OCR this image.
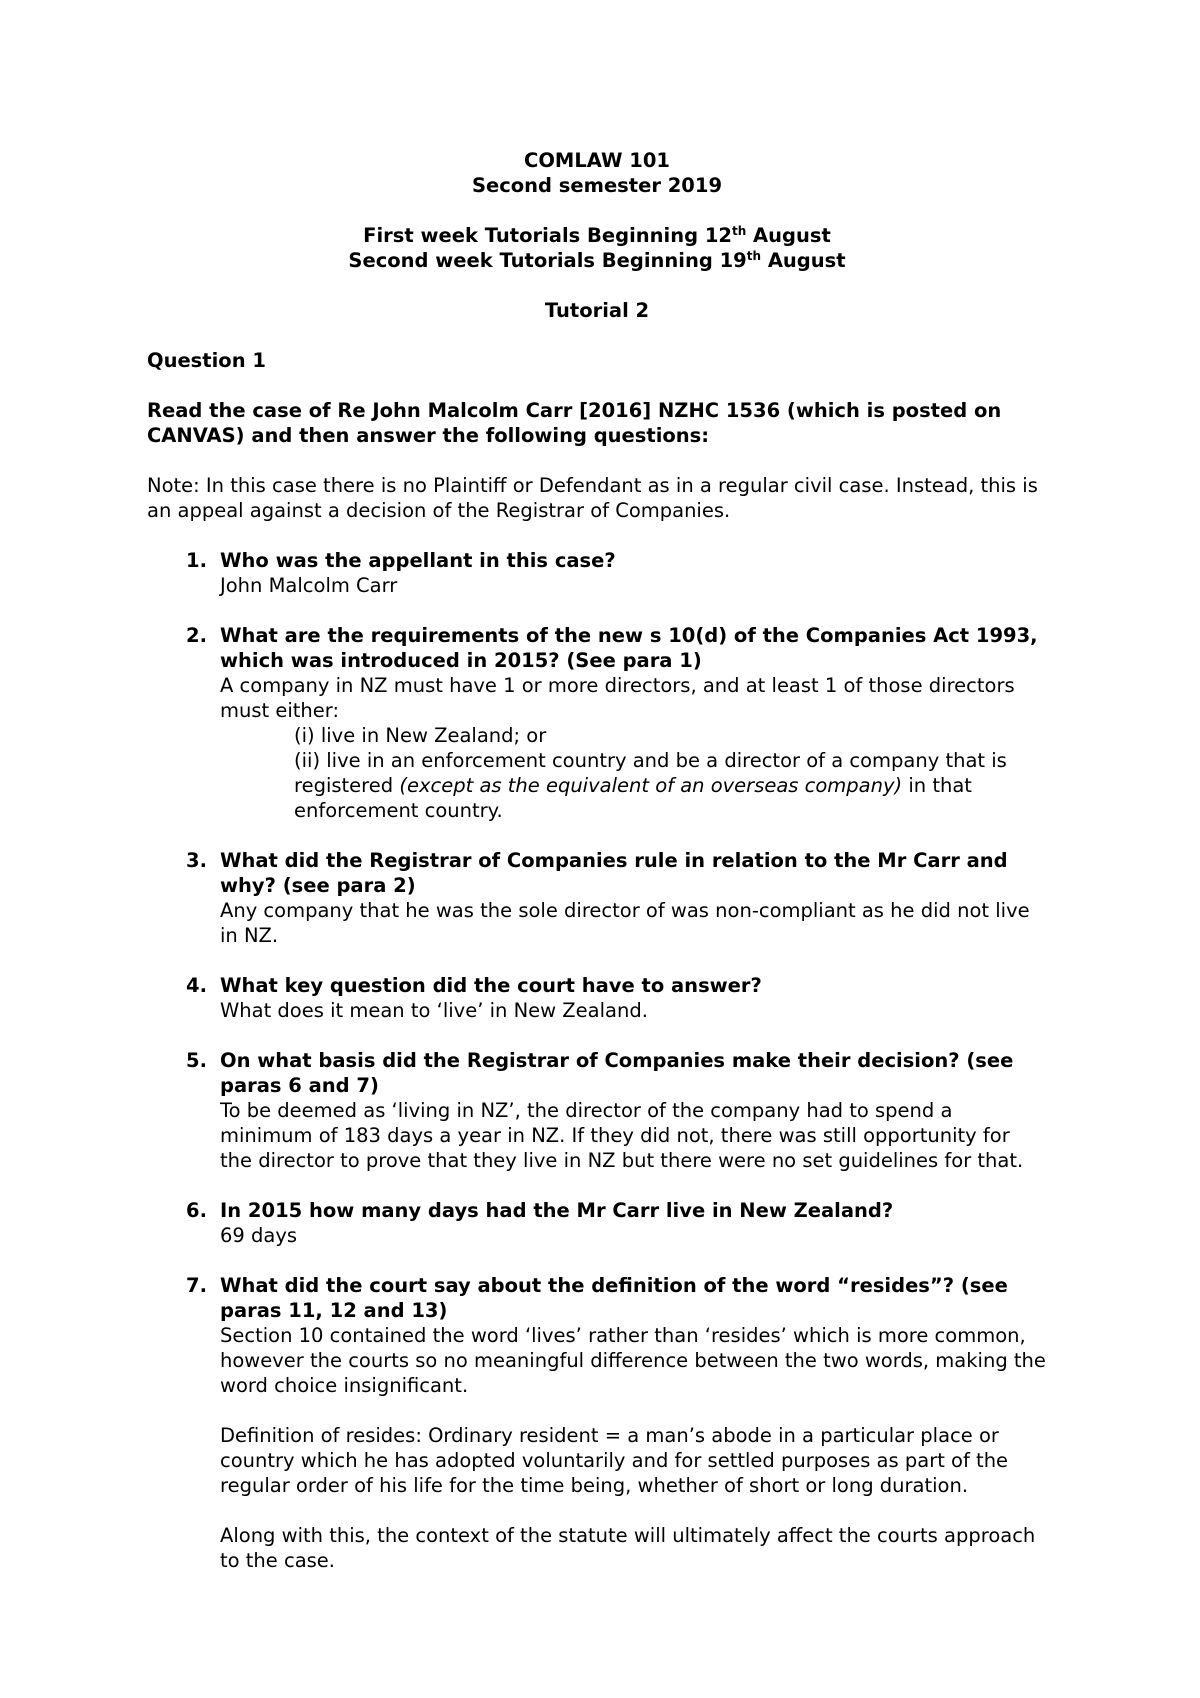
COMLAW 101
Second semester 2019
First week Tutorials Beginning 12th August
Second week Tutorials Beginning 19th August
Tutorial 2
Question 1

Read the case of Re John Malcolm Carr [2016] NZHC 1536 (which is posted on CANVAS) and then answer the following questions:

Note: In this case there is no Plaintiff or Defendant as in a regular civil case. Instead, this is an appeal against a decision of the Registrar of Companies.

1. Who was the appellant in this case?
John Malcolm Carr
2. What are the requirements of the new s 10(d) of the Companies Act 1993, which was introduced in 2015? (See para 1)
A company in NZ must have 1 or more directors, and at least 1 of those directors must either:
(i) live in New Zealand; or
(ii) live in an enforcement country and be a director of a company that is registered (except as the equivalent of an overseas company) in that enforcement country.
3. What did the Registrar of Companies rule in relation to the Mr Carr and why? (see para 2)
Any company that he was the sole director of was non-compliant as he did not live in NZ.
4. What key question did the court have to answer?
What does it mean to ‘live’ in New Zealand.
5. On what basis did the Registrar of Companies make their decision? (see paras 6 and 7)
To be deemed as ‘living in NZ’, the director of the company had to spend a minimum of 183 days a year in NZ. If they did not, there was still opportunity for the director to prove that they live in NZ but there were no set guidelines for that.
6. In 2015 how many days had the Mr Carr live in New Zealand?
69 days
7. What did the court say about the definition of the word “resides”? (see paras 11, 12 and 13)
Section 10 contained the word ‘lives’ rather than ‘resides’ which is more common, however the courts so no meaningful difference between the two words, making the word choice insignificant.
Definition of resides: Ordinary resident = a man’s abode in a particular place or country which he has adopted voluntarily and for settled purposes as part of the regular order of his life for the time being, whether of short or long duration.
Along with this, the context of the statute will ultimately affect the courts approach to the case.
